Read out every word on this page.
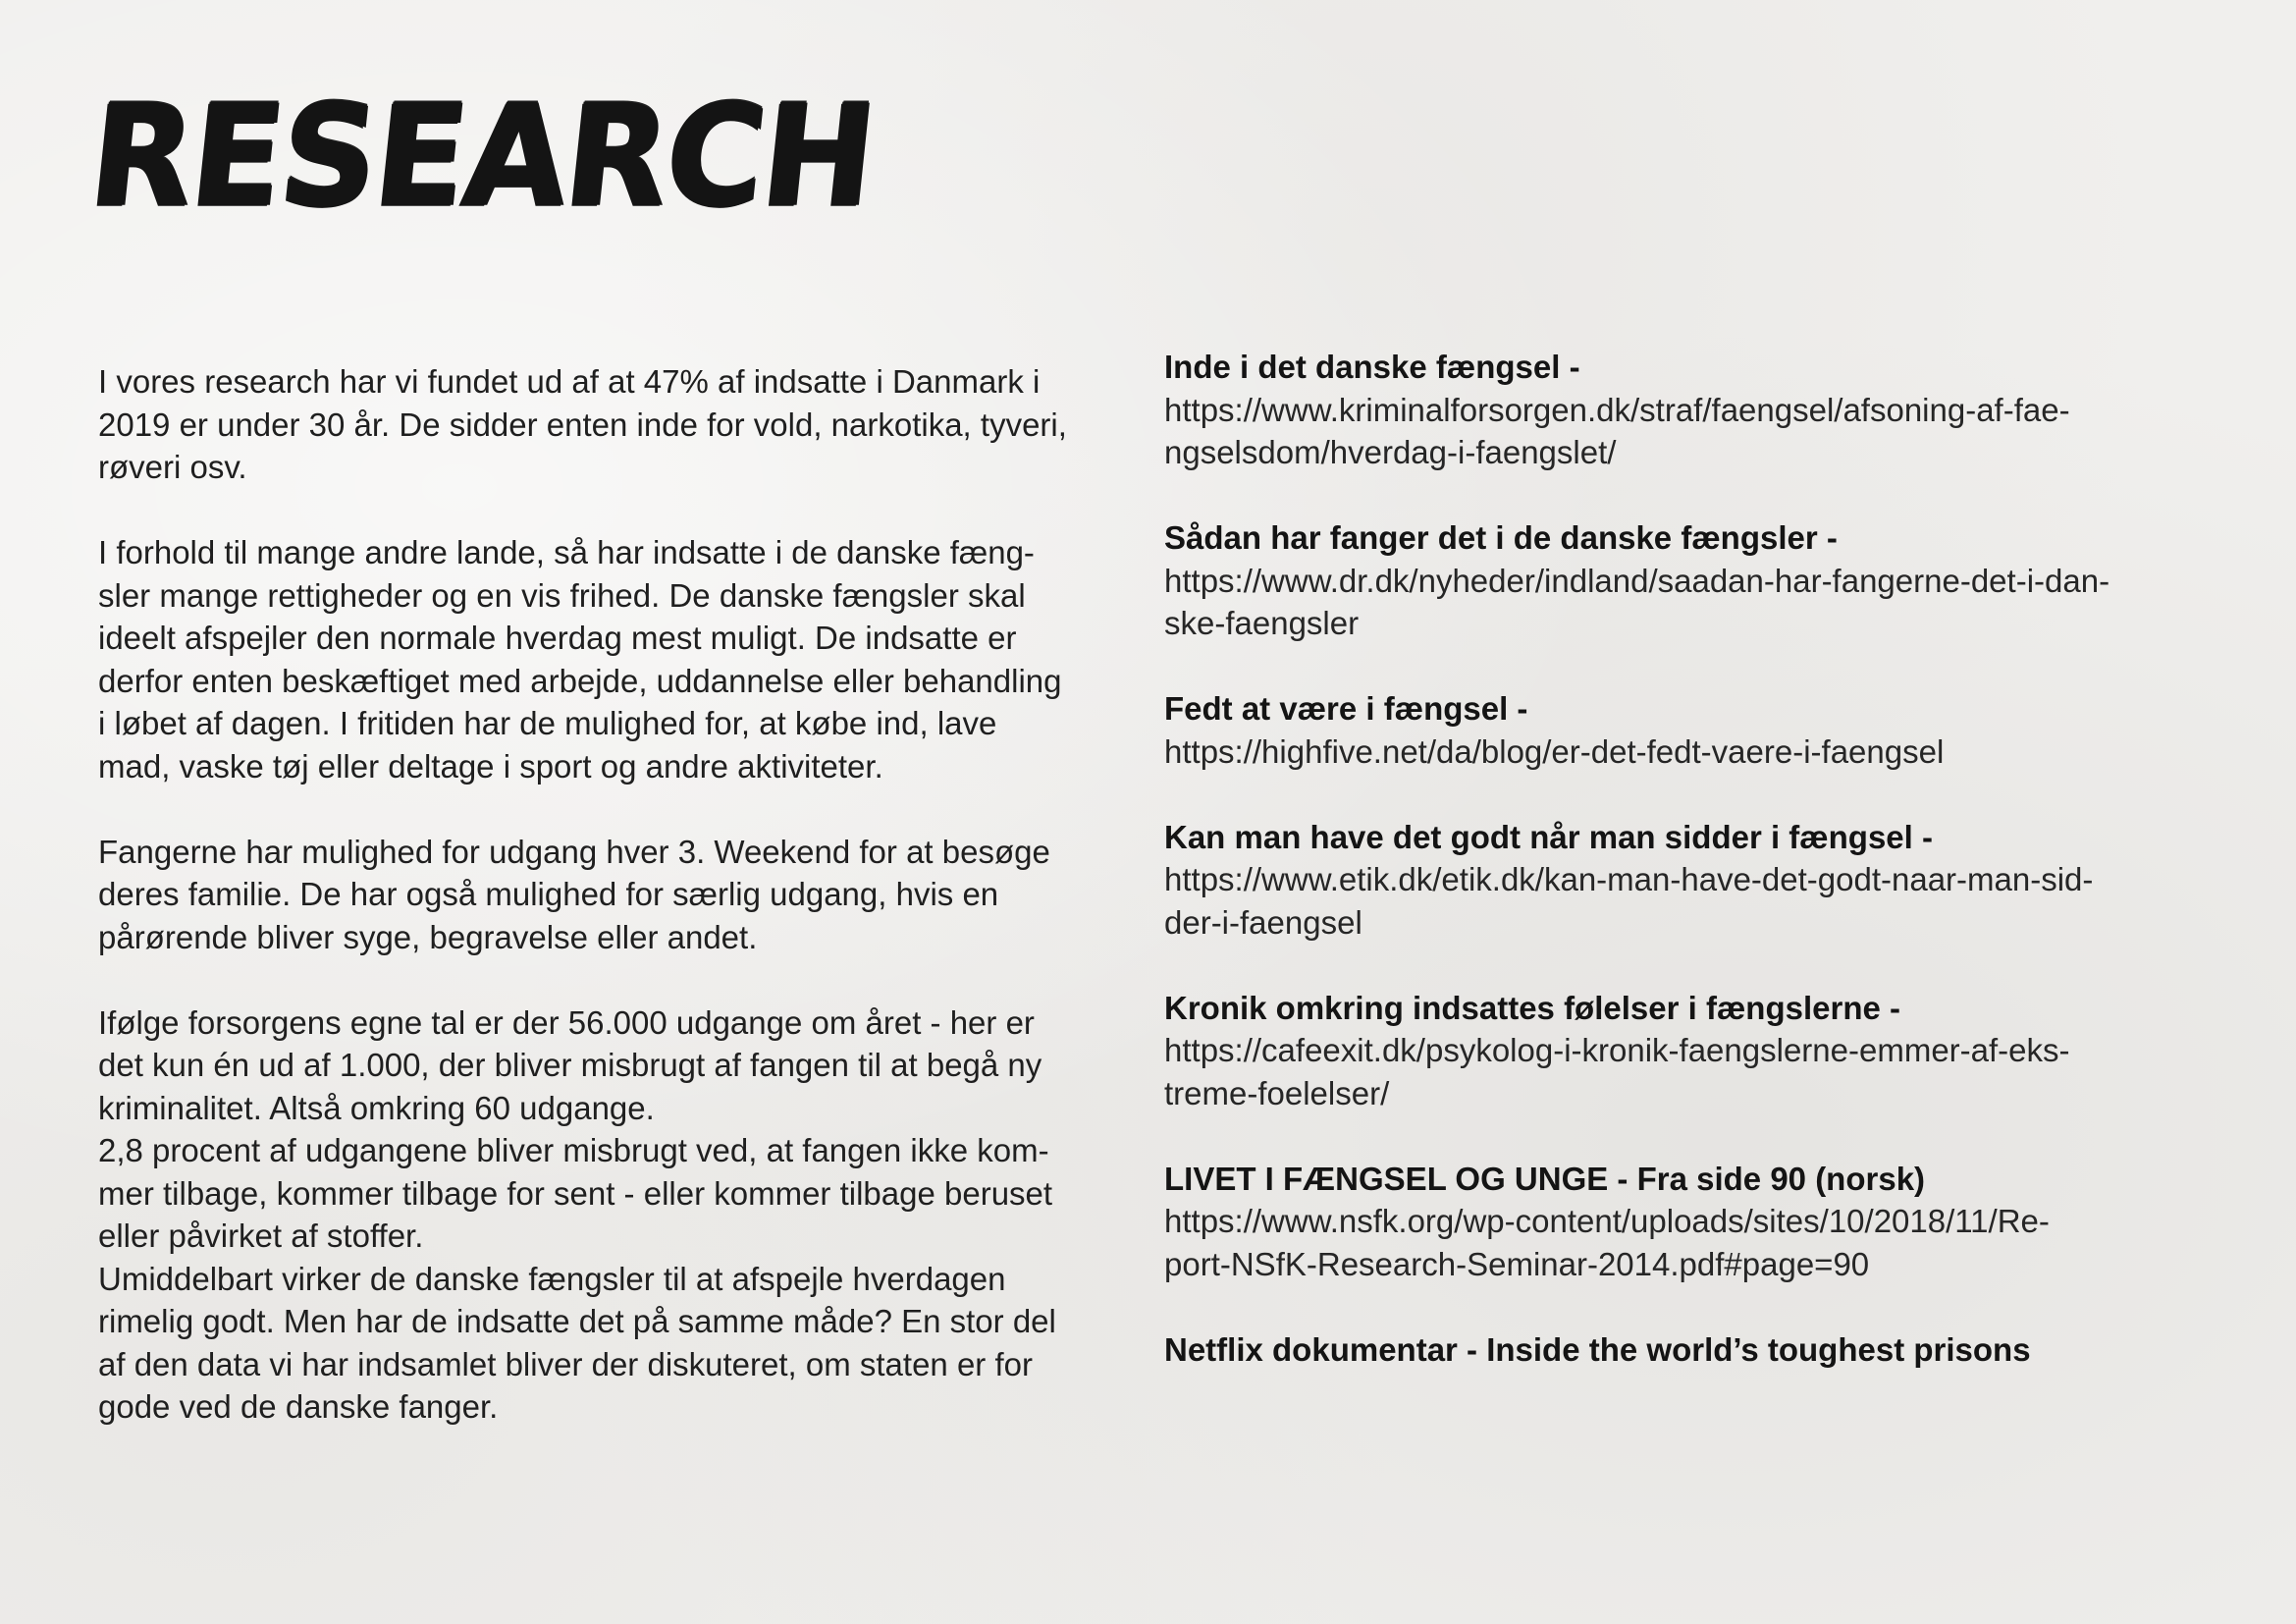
RESEARCH

I vores research har vi fundet ud af at 47% af indsatte i Danmark i
2019 er under 30 år. De sidder enten inde for vold, narkotika, tyveri,
røveri osv.

I forhold til mange andre lande, så har indsatte i de danske fæng-
sler mange rettigheder og en vis frihed. De danske fængsler skal
ideelt afspejler den normale hverdag mest muligt. De indsatte er
derfor enten beskæftiget med arbejde, uddannelse eller behandling
i løbet af dagen. I fritiden har de mulighed for, at købe ind, lave
mad, vaske tøj eller deltage i sport og andre aktiviteter.

Fangerne har mulighed for udgang hver 3. Weekend for at besøge
deres familie. De har også mulighed for særlig udgang, hvis en
pårørende bliver syge, begravelse eller andet.

Ifølge forsorgens egne tal er der 56.000 udgange om året - her er
det kun én ud af 1.000, der bliver misbrugt af fangen til at begå ny
kriminalitet. Altså omkring 60 udgange.

2,8 procent af udgangene bliver misbrugt ved, at fangen ikke kom-
mer tilbage, kommer tilbage for sent - eller kommer tilbage beruset
eller påvirket af stoffer.

Umiddelbart virker de danske fængsler til at afspejle hverdagen
rimelig godt. Men har de indsatte det på samme måde? En stor del
af den data vi har indsamlet bliver der diskuteret, om staten er for
gode ved de danske fanger.

Inde i det danske fængsel -
https://www.kriminalforsorgen.dk/straf/faengsel/afsoning-af-fae-
ngselsdom/hverdag-i-faengslet/
Sådan har fanger det i de danske fængsler -
https://www.dr.dk/nyheder/indland/saadan-har-fangerne-det-i-dan-
ske-faengsler
Fedt at være i fængsel -
https://highfive.net/da/blog/er-det-fedt-vaere-i-faengsel
Kan man have det godt når man sidder i fængsel -
https://www.etik.dk/etik.dk/kan-man-have-det-godt-naar-man-sid-
der-i-faengsel
Kronik omkring indsattes følelser i fængslerne -
https://cafeexit.dk/psykolog-i-kronik-faengslerne-emmer-af-eks-
treme-foelelser/
LIVET I FÆNGSEL OG UNGE - Fra side 90 (norsk)
https://www.nsfk.org/wp-content/uploads/sites/10/2018/11/Re-
port-NSfK-Research-Seminar-2014.pdf#page=90
Netflix dokumentar - Inside the world’s toughest prisons
